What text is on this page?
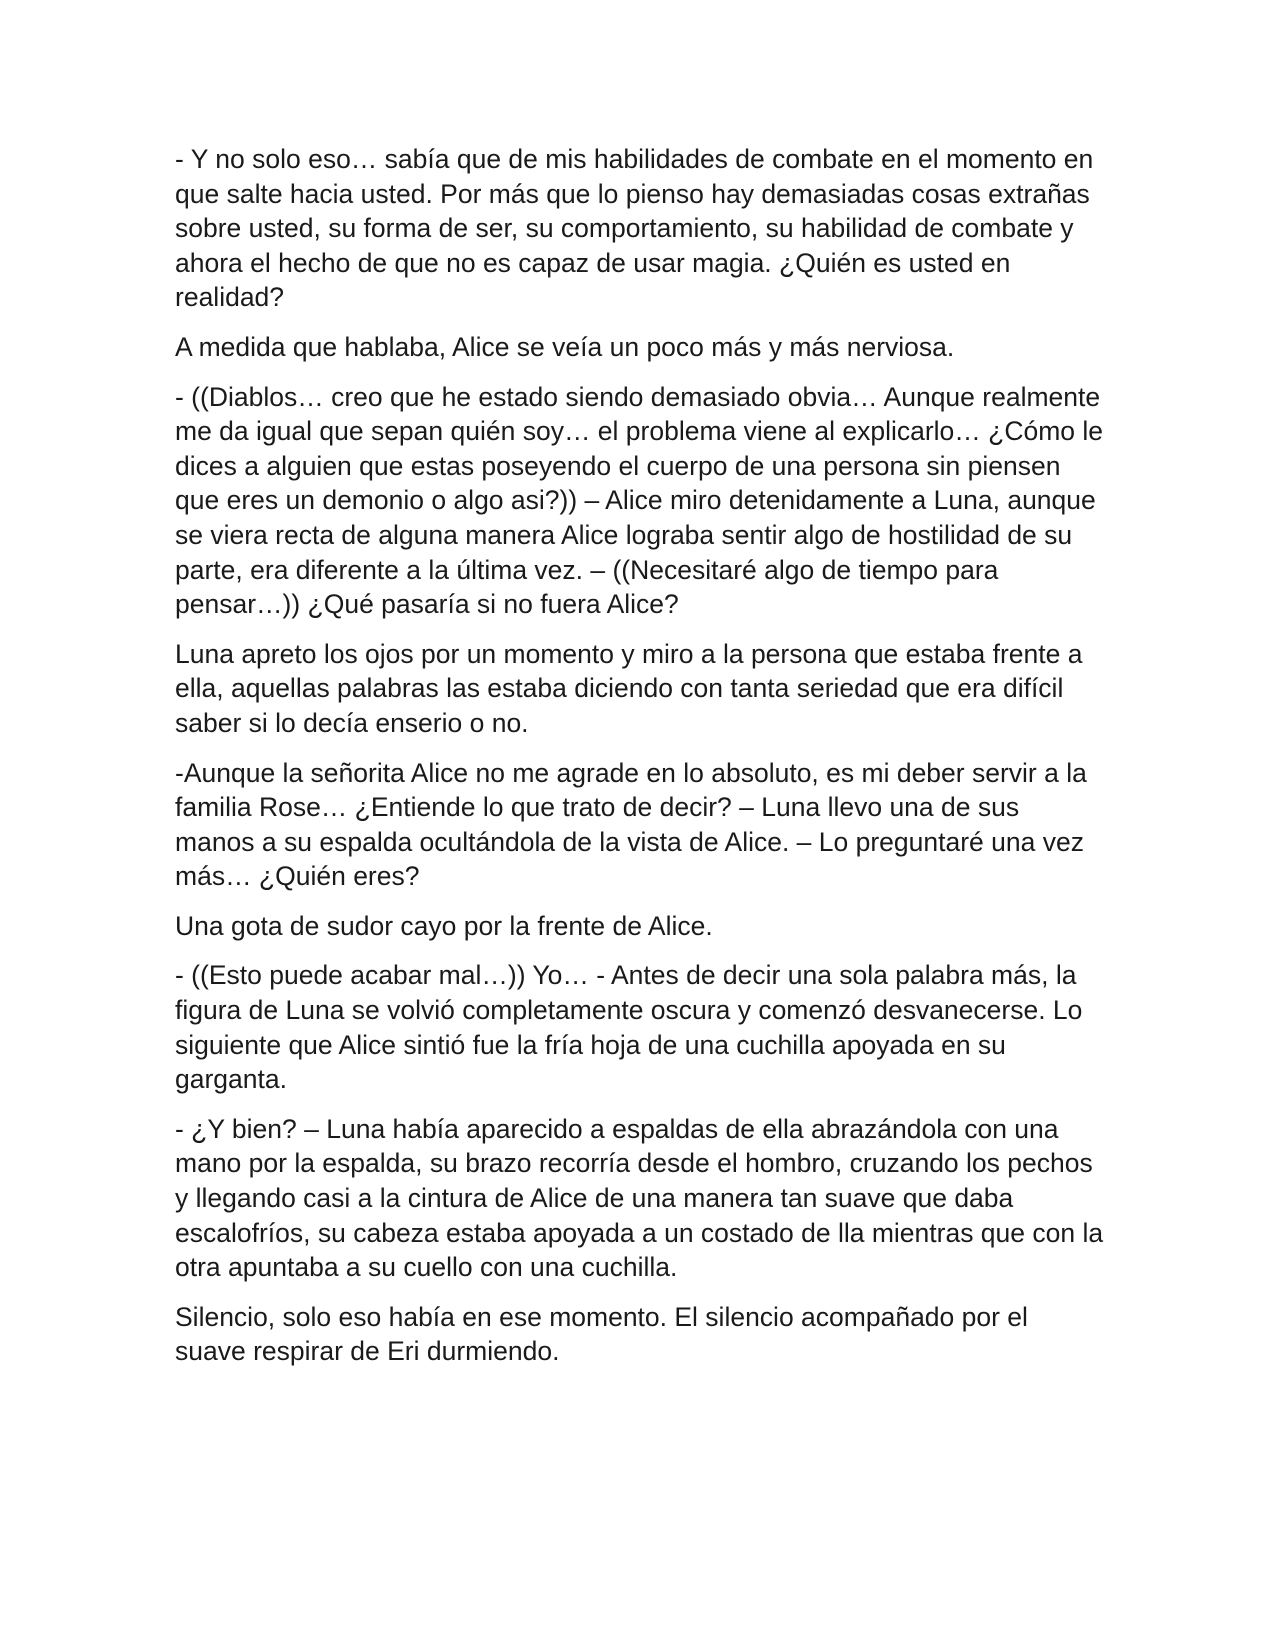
- Y no solo eso… sabía que de mis habilidades de combate en el momento en que salte hacia usted. Por más que lo pienso hay demasiadas cosas extrañas sobre usted, su forma de ser, su comportamiento, su habilidad de combate y ahora el hecho de que no es capaz de usar magia. ¿Quién es usted en realidad?

A medida que hablaba, Alice se veía un poco más y más nerviosa.

- ((Diablos… creo que he estado siendo demasiado obvia… Aunque realmente me da igual que sepan quién soy… el problema viene al explicarlo… ¿Cómo le dices a alguien que estas poseyendo el cuerpo de una persona sin piensen que eres un demonio o algo asi?)) – Alice miro detenidamente a Luna, aunque se viera recta de alguna manera Alice lograba sentir algo de hostilidad de su parte, era diferente a la última vez. – ((Necesitaré algo de tiempo para pensar…)) ¿Qué pasaría si no fuera Alice?

Luna apreto los ojos por un momento y miro a la persona que estaba frente a ella, aquellas palabras las estaba diciendo con tanta seriedad que era difícil saber si lo decía enserio o no.

-Aunque la señorita Alice no me agrade en lo absoluto, es mi deber servir a la familia Rose… ¿Entiende lo que trato de decir? – Luna llevo una de sus manos a su espalda ocultándola de la vista de Alice. – Lo preguntaré una vez más… ¿Quién eres?

Una gota de sudor cayo por la frente de Alice.

- ((Esto puede acabar mal…)) Yo… - Antes de decir una sola palabra más, la figura de Luna se volvió completamente oscura y comenzó desvanecerse. Lo siguiente que Alice sintió fue la fría hoja de una cuchilla apoyada en su garganta.

- ¿Y bien? – Luna había aparecido a espaldas de ella abrazándola con una mano por la espalda, su brazo recorría desde el hombro, cruzando los pechos y llegando casi a la cintura de Alice de una manera tan suave que daba escalofríos, su cabeza estaba apoyada a un costado de lla mientras que con la otra apuntaba a su cuello con una cuchilla.

Silencio, solo eso había en ese momento. El silencio acompañado por el suave respirar de Eri durmiendo.
